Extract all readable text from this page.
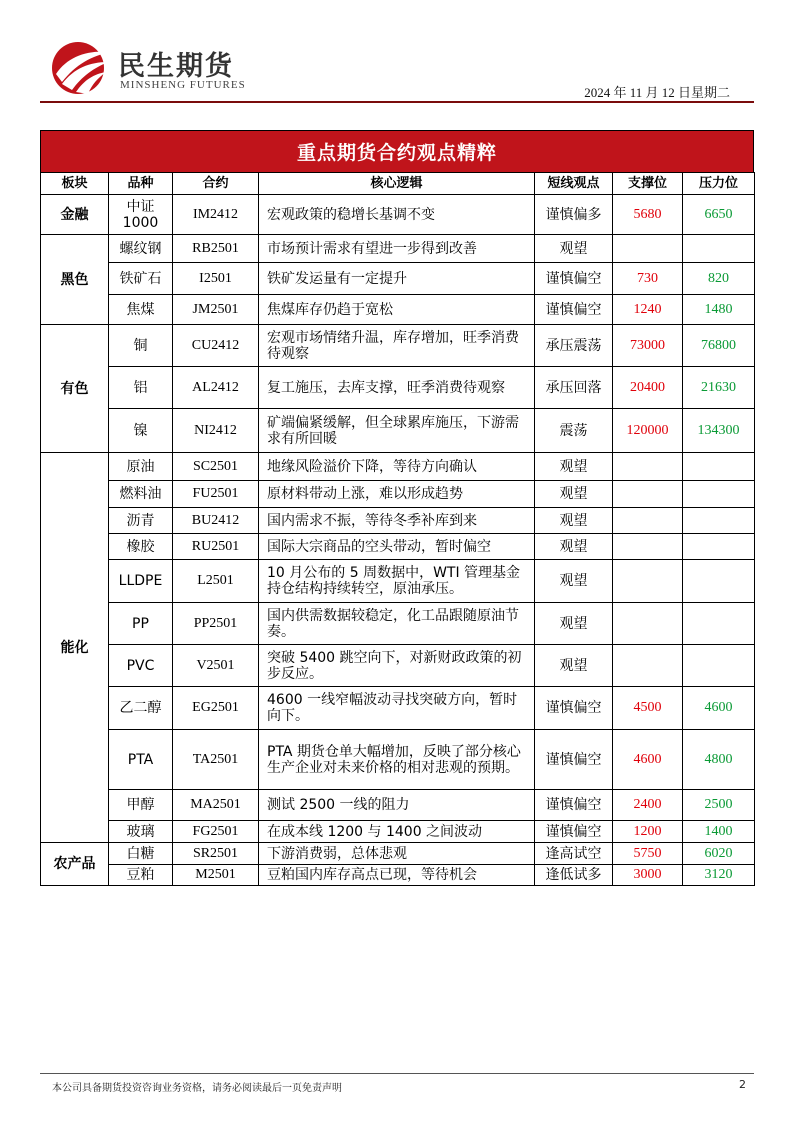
民生期货
MINSHENG FUTURES	2024 年 11 月 12 日星期二
重点期货合约观点精粹
板块	品种	合约	核心逻辑	短线观点	支撑位	压力位
金融	中证 1000	IM2412	宏观政策的稳增长基调不变	谨慎偏多	5680	6650
黑色	螺纹钢	RB2501	市场预计需求有望进一步得到改善	观望		
	铁矿石	I2501	铁矿发运量有一定提升	谨慎偏空	730	820
	焦煤	JM2501	焦煤库存仍趋于宽松	谨慎偏空	1240	1480
有色	铜	CU2412	宏观市场情绪升温，库存增加，旺季消费待观察	承压震荡	73000	76800
	铝	AL2412	复工施压，去库支撑，旺季消费待观察	承压回落	20400	21630
	镍	NI2412	矿端偏紧缓解，但全球累库施压，下游需求有所回暖	震荡	120000	134300
能化	原油	SC2501	地缘风险溢价下降，等待方向确认	观望		
	燃料油	FU2501	原材料带动上涨，难以形成趋势	观望		
	沥青	BU2412	国内需求不振，等待冬季补库到来	观望		
	橡胶	RU2501	国际大宗商品的空头带动，暂时偏空	观望		
	LLDPE	L2501	10 月公布的 5 周数据中，WTI 管理基金持仓结构持续转空，原油承压。	观望		
	PP	PP2501	国内供需数据较稳定，化工品跟随原油节奏。	观望		
	PVC	V2501	突破 5400 跳空向下，对新财政政策的初步反应。	观望		
	乙二醇	EG2501	4600 一线窄幅波动寻找突破方向，暂时向下。	谨慎偏空	4500	4600
	PTA	TA2501	PTA 期货仓单大幅增加，反映了部分核心生产企业对未来价格的相对悲观的预期。	谨慎偏空	4600	4800
	甲醇	MA2501	测试 2500 一线的阻力	谨慎偏空	2400	2500
	玻璃	FG2501	在成本线 1200 与 1400 之间波动	谨慎偏空	1200	1400
农产品	白糖	SR2501	下游消费弱，总体悲观	逢高试空	5750	6020
	豆粕	M2501	豆粕国内库存高点已现，等待机会	逢低试多	3000	3120
本公司具备期货投资咨询业务资格，请务必阅读最后一页免责声明	2
